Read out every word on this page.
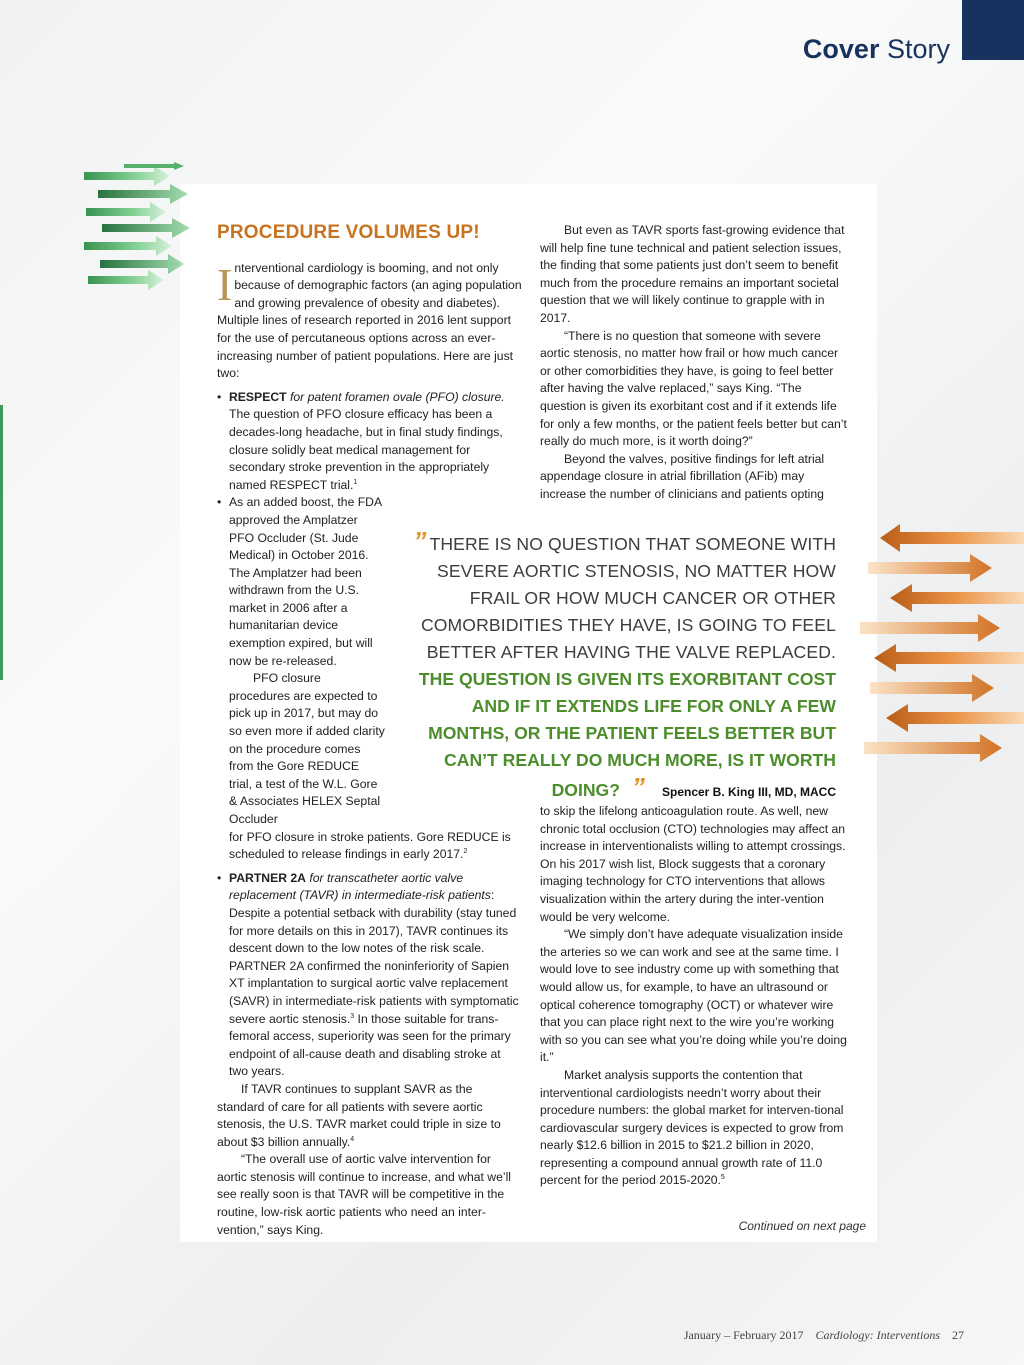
Cover Story

PROCEDURE VOLUMES UP!

Interventional cardiology is booming, and not only because of demographic factors (an aging population and growing prevalence of obesity and diabetes). Multiple lines of research reported in 2016 lent support for the use of percutaneous options across an ever-increasing number of patient populations. Here are just two:

• RESPECT for patent foramen ovale (PFO) closure.
The question of PFO closure efficacy has been a decades-long headache, but in final study findings, closure solidly beat medical management for secondary stroke prevention in the appropriately named RESPECT trial.$^1$

• As an added boost, the FDA approved the Amplatzer PFO Occluder (St. Jude Medical) in October 2016. The Amplatzer had been withdrawn from the U.S. market in 2006 after a humanitarian device exemption expired, but will now be re-released.

PFO closure procedures are expected to pick up in 2017, but may do so even more if added clarity on the procedure comes from the Gore REDUCE trial, a test of the W.L. Gore & Associates HELEX Septal Occluder

for PFO closure in stroke patients. Gore REDUCE is scheduled to release findings in early 2017.$^2$

• PARTNER 2A for transcatheter aortic valve replacement (TAVR) in intermediate-risk patients: Despite a potential setback with durability (stay tuned for more details on this in 2017), TAVR continues its descent down to the low notes of the risk scale. PARTNER 2A confirmed the noninferiority of Sapien XT implantation to surgical aortic valve replacement (SAVR) in intermediate-risk patients with symptomatic severe aortic stenosis.$^3$ In those suitable for trans-femoral access, superiority was seen for the primary endpoint of all-cause death and disabling stroke at two years.

If TAVR continues to supplant SAVR as the standard of care for all patients with severe aortic stenosis, the U.S. TAVR market could triple in size to about $3 billion annually.$^4$

“The overall use of aortic valve intervention for aortic stenosis will continue to increase, and what we’ll see really soon is that TAVR will be competitive in the routine, low-risk aortic patients who need an inter-vention,” says King.

But even as TAVR sports fast-growing evidence that will help fine tune technical and patient selection issues, the finding that some patients just don’t seem to benefit much from the procedure remains an important societal question that we will likely continue to grapple with in 2017.

“There is no question that someone with severe aortic stenosis, no matter how frail or how much cancer or other comorbidities they have, is going to feel better after having the valve replaced,” says King. “The question is given its exorbitant cost and if it extends life for only a few months, or the patient feels better but can’t really do much more, is it worth doing?”

Beyond the valves, positive findings for left atrial appendage closure in atrial fibrillation (AFib) may increase the number of clinicians and patients opting

” THERE IS NO QUESTION THAT SOMEONE WITH SEVERE AORTIC STENOSIS, NO MATTER HOW FRAIL OR HOW MUCH CANCER OR OTHER COMORBIDITIES THEY HAVE, IS GOING TO FEEL BETTER AFTER HAVING THE VALVE REPLACED. THE QUESTION IS GIVEN ITS EXORBITANT COST AND IF IT EXTENDS LIFE FOR ONLY A FEW MONTHS, OR THE PATIENT FEELS BETTER BUT CAN’T REALLY DO MUCH MORE, IS IT WORTH DOING? ” Spencer B. King III, MD, MACC

to skip the lifelong anticoagulation route. As well, new chronic total occlusion (CTO) technologies may affect an increase in interventionalists willing to attempt crossings. On his 2017 wish list, Block suggests that a coronary imaging technology for CTO interventions that allows visualization within the artery during the inter-vention would be very welcome.

“We simply don’t have adequate visualization inside the arteries so we can work and see at the same time. I would love to see industry come up with something that would allow us, for example, to have an ultrasound or optical coherence tomography (OCT) or whatever wire that you can place right next to the wire you’re working with so you can see what you’re doing while you’re doing it.”

Market analysis supports the contention that interventional cardiologists needn’t worry about their procedure numbers: the global market for interven-tional cardiovascular surgery devices is expected to grow from nearly $12.6 billion in 2015 to $21.2 billion in 2020, representing a compound annual growth rate of 11.0 percent for the period 2015-2020.$^5$

Continued on next page
January – February 2017 Cardiology: Interventions 27
